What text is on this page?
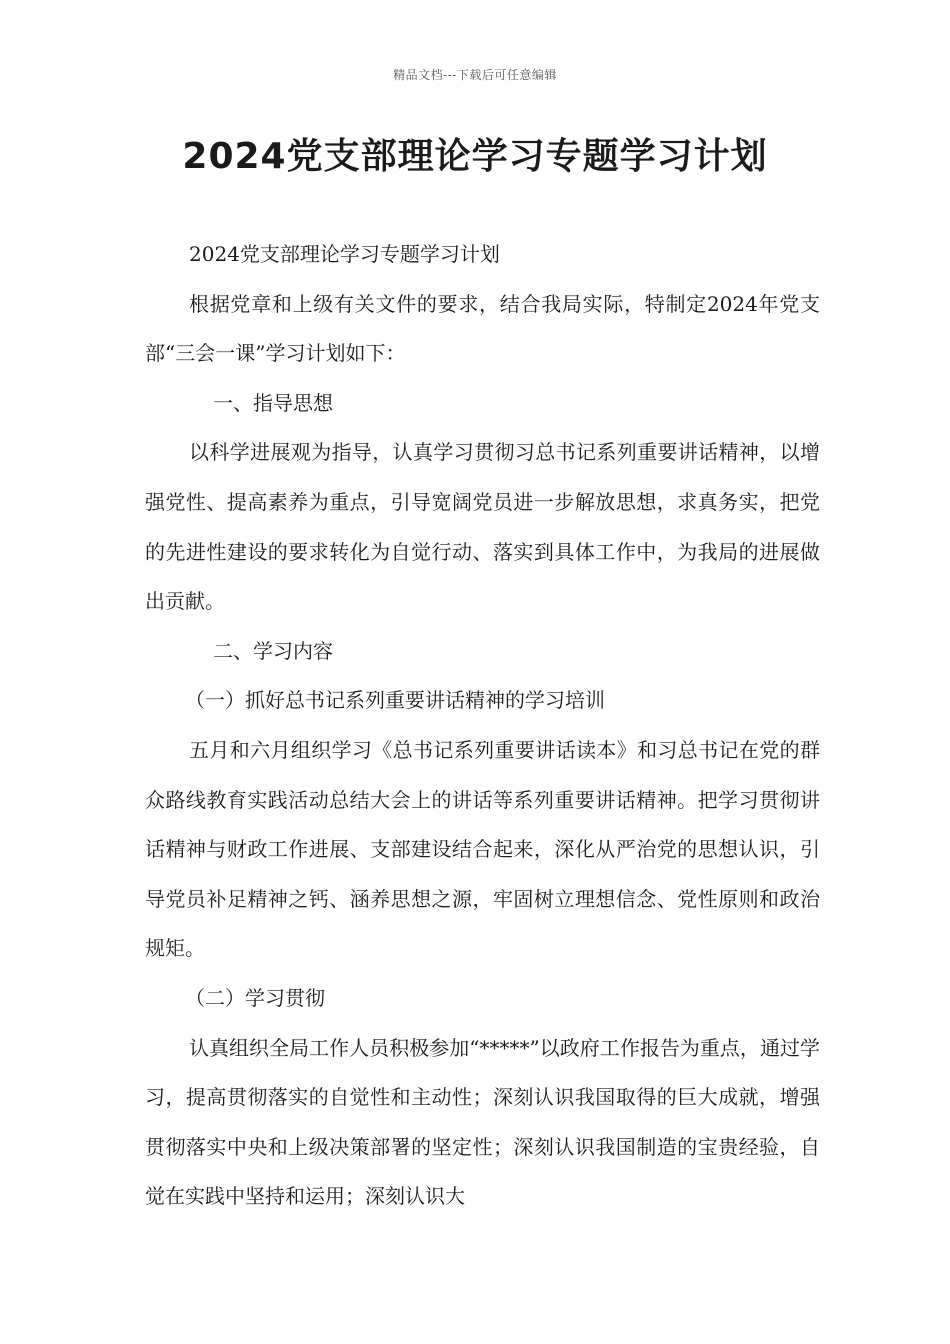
精品文档---下载后可任意编辑
2024党支部理论学习专题学习计划

2024党支部理论学习专题学习计划

根据党章和上级有关文件的要求，结合我局实际，特制定2024年党支部“三会一课”学习计划如下：

一、指导思想

以科学进展观为指导，认真学习贯彻习总书记系列重要讲话精神，以增强党性、提高素养为重点，引导宽阔党员进一步解放思想，求真务实，把党的先进性建设的要求转化为自觉行动、落实到具体工作中，为我局的进展做出贡献。

二、学习内容

（一）抓好总书记系列重要讲话精神的学习培训

五月和六月组织学习《总书记系列重要讲话读本》和习总书记在党的群众路线教育实践活动总结大会上的讲话等系列重要讲话精神。把学习贯彻讲话精神与财政工作进展、支部建设结合起来，深化从严治党的思想认识，引导党员补足精神之钙、涵养思想之源，牢固树立理想信念、党性原则和政治规矩。

（二）学习贯彻

认真组织全局工作人员积极参加“*****”以政府工作报告为重点，通过学习，提高贯彻落实的自觉性和主动性；深刻认识我国取得的巨大成就，增强贯彻落实中央和上级决策部署的坚定性；深刻认识我国制造的宝贵经验，自觉在实践中坚持和运用；深刻认识大
